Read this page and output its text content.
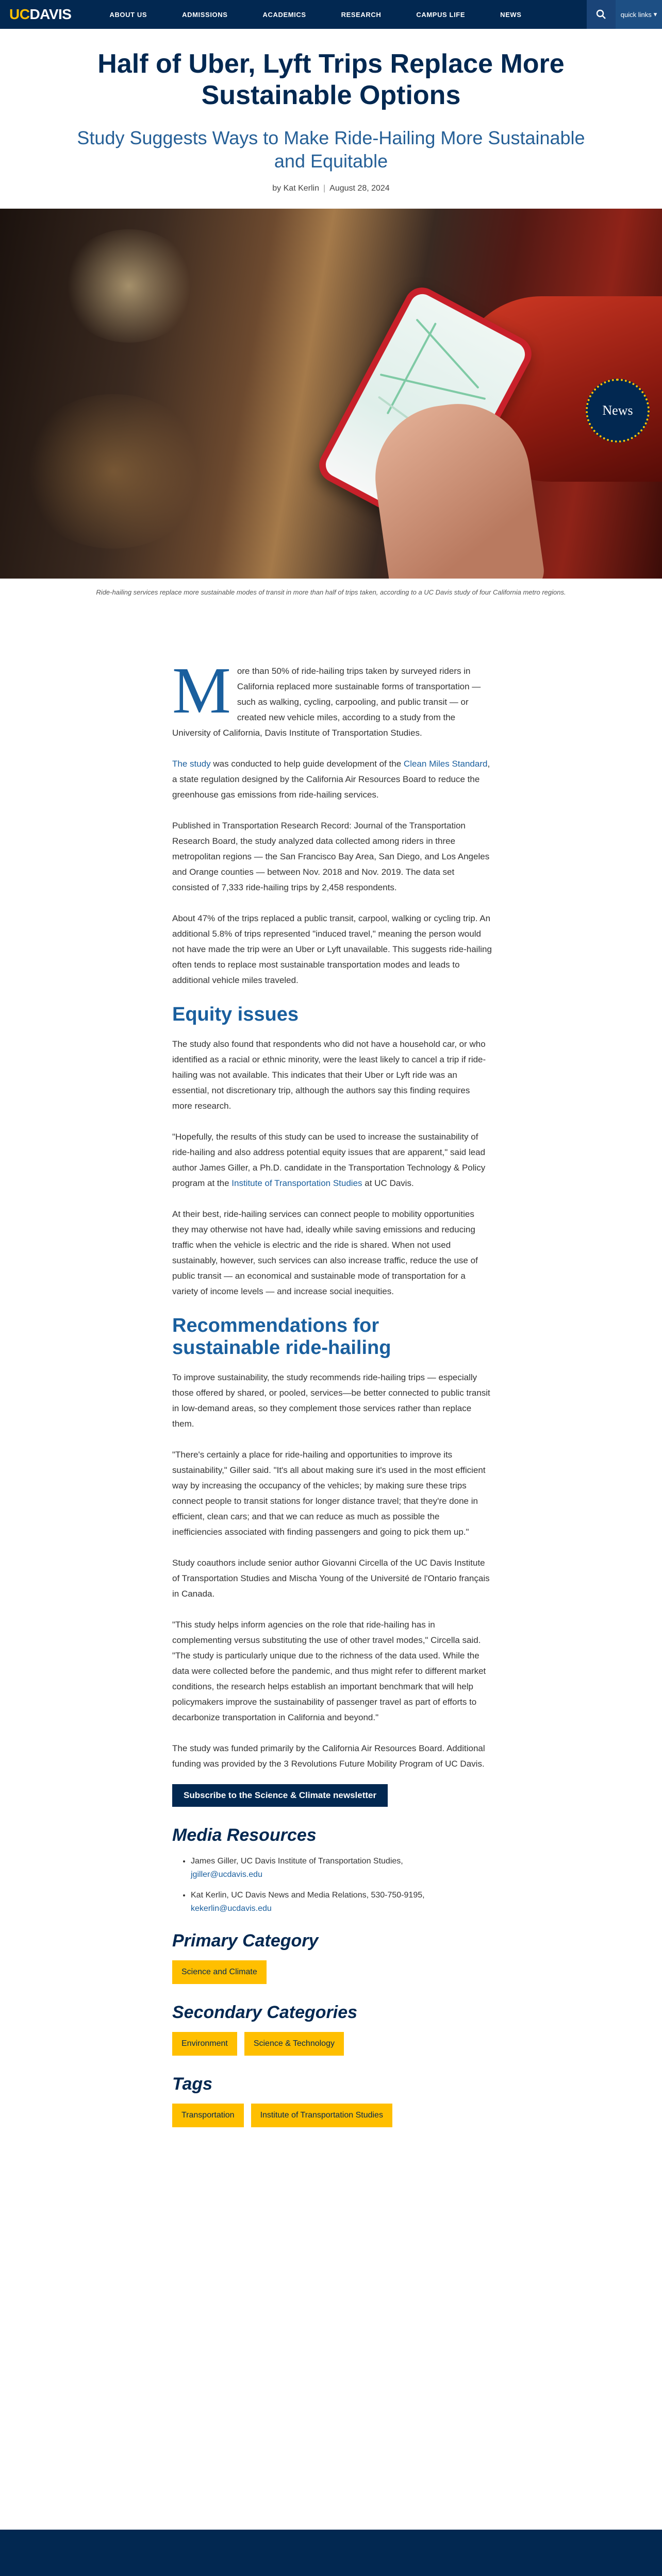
UC DAVIS	ABOUT US	ADMISSIONS	ACADEMICS	RESEARCH	CAMPUS LIFE	NEWS	quick links ▾
Half of Uber, Lyft Trips Replace More Sustainable Options
Study Suggests Ways to Make Ride-Hailing More Sustainable and Equitable
by Kat Kerlin | August 28, 2024
News
Ride-hailing services replace more sustainable modes of transit in more than half of trips taken, according to a UC Davis study of four California metro regions.

More than 50% of ride-hailing trips taken by surveyed riders in California replaced more sustainable forms of transportation — such as walking, cycling, carpooling, and public transit — or created new vehicle miles, according to a study from the University of California, Davis Institute of Transportation Studies.

The study was conducted to help guide development of the Clean Miles Standard, a state regulation designed by the California Air Resources Board to reduce the greenhouse gas emissions from ride-hailing services.

Published in Transportation Research Record: Journal of the Transportation Research Board, the study analyzed data collected among riders in three metropolitan regions — the San Francisco Bay Area, San Diego, and Los Angeles and Orange counties — between Nov. 2018 and Nov. 2019. The data set consisted of 7,333 ride-hailing trips by 2,458 respondents.

About 47% of the trips replaced a public transit, carpool, walking or cycling trip. An additional 5.8% of trips represented "induced travel," meaning the person would not have made the trip were an Uber or Lyft unavailable. This suggests ride-hailing often tends to replace most sustainable transportation modes and leads to additional vehicle miles traveled.

Equity issues

The study also found that respondents who did not have a household car, or who identified as a racial or ethnic minority, were the least likely to cancel a trip if ride-hailing was not available. This indicates that their Uber or Lyft ride was an essential, not discretionary trip, although the authors say this finding requires more research.

"Hopefully, the results of this study can be used to increase the sustainability of ride-hailing and also address potential equity issues that are apparent," said lead author James Giller, a Ph.D. candidate in the Transportation Technology & Policy program at the Institute of Transportation Studies at UC Davis.

At their best, ride-hailing services can connect people to mobility opportunities they may otherwise not have had, ideally while saving emissions and reducing traffic when the vehicle is electric and the ride is shared. When not used sustainably, however, such services can also increase traffic, reduce the use of public transit — an economical and sustainable mode of transportation for a variety of income levels — and increase social inequities.

Recommendations for sustainable ride-hailing

To improve sustainability, the study recommends ride-hailing trips — especially those offered by shared, or pooled, services—be better connected to public transit in low-demand areas, so they complement those services rather than replace them.

"There's certainly a place for ride-hailing and opportunities to improve its sustainability," Giller said. "It's all about making sure it's used in the most efficient way by increasing the occupancy of the vehicles; by making sure these trips connect people to transit stations for longer distance travel; that they're done in efficient, clean cars; and that we can reduce as much as possible the inefficiencies associated with finding passengers and going to pick them up."

Study coauthors include senior author Giovanni Circella of the UC Davis Institute of Transportation Studies and Mischa Young of the Université de l'Ontario français in Canada.

"This study helps inform agencies on the role that ride-hailing has in complementing versus substituting the use of other travel modes," Circella said. "The study is particularly unique due to the richness of the data used. While the data were collected before the pandemic, and thus might refer to different market conditions, the research helps establish an important benchmark that will help policymakers improve the sustainability of passenger travel as part of efforts to decarbonize transportation in California and beyond."

The study was funded primarily by the California Air Resources Board. Additional funding was provided by the 3 Revolutions Future Mobility Program of UC Davis.

Subscribe to the Science & Climate newsletter
Media Resources
• James Giller, UC Davis Institute of Transportation Studies,
jgiller@ucdavis.edu
• Kat Kerlin, UC Davis News and Media Relations, 530-750-9195,
kekerlin@ucdavis.edu
Primary Category
Science and Climate
Secondary Categories
Environment	Science & Technology
Tags
Transportation	Institute of Transportation Studies
